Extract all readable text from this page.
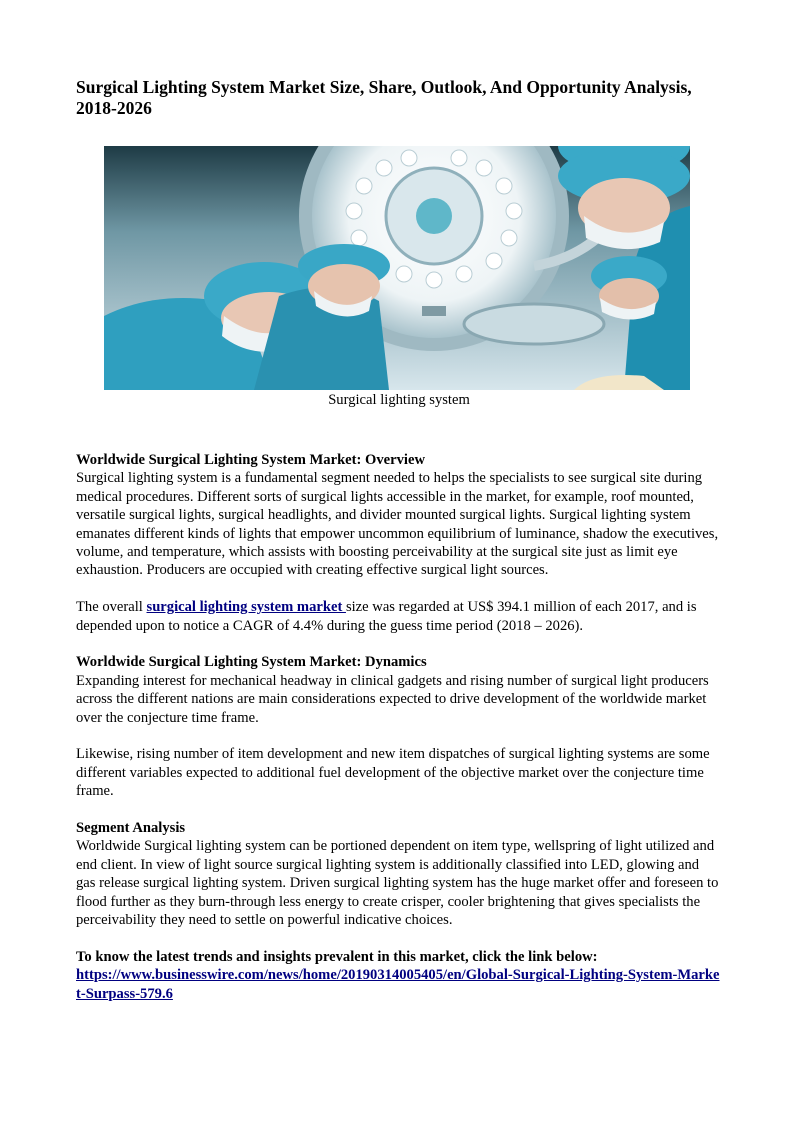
Surgical Lighting System Market Size, Share, Outlook, And Opportunity Analysis, 2018-2026
Surgical lighting system

Worldwide Surgical Lighting System Market: Overview
Surgical lighting system is a fundamental segment needed to helps the specialists to see surgical site during medical procedures. Different sorts of surgical lights accessible in the market, for example, roof mounted, versatile surgical lights, surgical headlights, and divider mounted surgical lights. Surgical lighting system emanates different kinds of lights that empower uncommon equilibrium of luminance, shadow the executives, volume, and temperature, which assists with boosting perceivability at the surgical site just as limit eye exhaustion. Producers are occupied with creating effective surgical light sources.

The overall surgical lighting system market size was regarded at US$ 394.1 million of each 2017, and is depended upon to notice a CAGR of 4.4% during the guess time period (2018 – 2026).

Worldwide Surgical Lighting System Market: Dynamics
Expanding interest for mechanical headway in clinical gadgets and rising number of surgical light producers across the different nations are main considerations expected to drive development of the worldwide market over the conjecture time frame.

Likewise, rising number of item development and new item dispatches of surgical lighting systems are some different variables expected to additional fuel development of the objective market over the conjecture time frame.

Segment Analysis
Worldwide Surgical lighting system can be portioned dependent on item type, wellspring of light utilized and end client. In view of light source surgical lighting system is additionally classified into LED, glowing and gas release surgical lighting system. Driven surgical lighting system has the huge market offer and foreseen to flood further as they burn-through less energy to create crisper, cooler brightening that gives specialists the perceivability they need to settle on powerful indicative choices.

To know the latest trends and insights prevalent in this market, click the link below:
https://www.businesswire.com/news/home/20190314005405/en/Global-Surgical-Lighting-System-Market-Surpass-579.6
